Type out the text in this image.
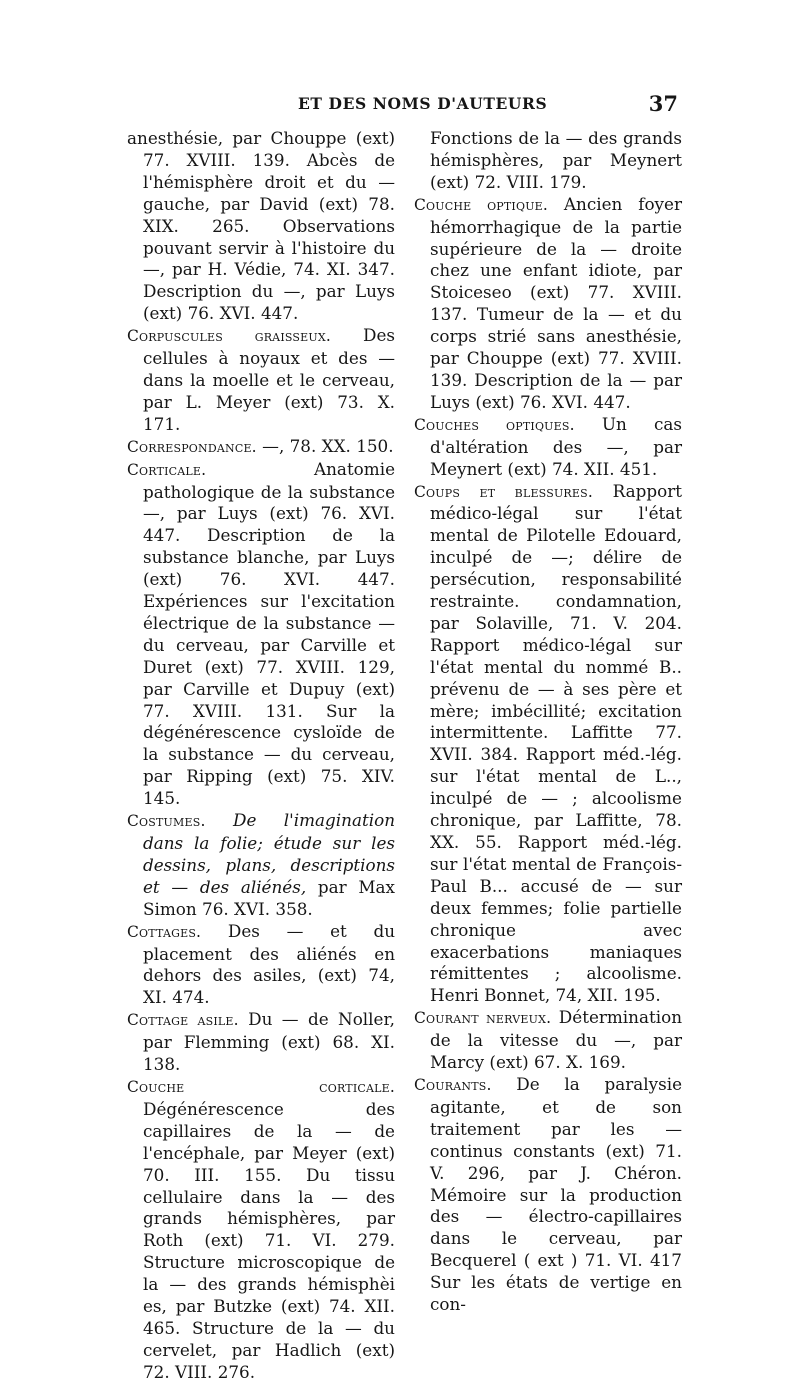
ET DES NOMS D'AUTEURS	37

anesthésie, par Chouppe (ext) 77. XVIII. 139. Abcès de l'hémisphère droit et du — gauche, par David (ext) 78. XIX. 265. Observations pouvant servir à l'histoire du —, par H. Védie, 74. XI. 347. Description du —, par Luys (ext) 76. XVI. 447.

Corpuscules graisseux. Des cellules à noyaux et des — dans la moelle et le cerveau, par L. Meyer (ext) 73. X. 171.

Correspondance. —, 78. XX. 150.

Corticale. Anatomie pathologique de la substance —, par Luys (ext) 76. XVI. 447. Description de la substance blanche, par Luys (ext) 76. XVI. 447. Expériences sur l'excitation électrique de la substance — du cerveau, par Carville et Duret (ext) 77. XVIII. 129, par Carville et Dupuy (ext) 77. XVIII. 131. Sur la dégénérescence cysloïde de la substance — du cerveau, par Ripping (ext) 75. XIV. 145.

Costumes. De l'imagination dans la folie; étude sur les dessins, plans, descriptions et — des aliénés, par Max Simon 76. XVI. 358.

Cottages. Des — et du placement des aliénés en dehors des asiles, (ext) 74, XI. 474.

Cottage asile. Du — de Noller, par Flemming (ext) 68. XI. 138.

Couche corticale. Dégénérescence des capillaires de la — de l'encéphale, par Meyer (ext) 70. III. 155. Du tissu cellulaire dans la — des grands hémisphères, par Roth (ext) 71. VI. 279. Structure microscopique de la — des grands hémisphèi es, par Butzke (ext) 74. XII. 465. Structure de la — du cervelet, par Hadlich (ext) 72. VIII. 276.

Fonctions de la — des grands hémisphères, par Meynert (ext) 72. VIII. 179.

Couche optique. Ancien foyer hémorrhagique de la partie supérieure de la — droite chez une enfant idiote, par Stoiceseo (ext) 77. XVIII. 137. Tumeur de la — et du corps strié sans anesthésie, par Chouppe (ext) 77. XVIII. 139. Description de la — par Luys (ext) 76. XVI. 447.

Couches optiques. Un cas d'altération des —, par Meynert (ext) 74. XII. 451.

Coups et blessures. Rapport médico-légal sur l'état mental de Pilotelle Edouard, inculpé de —; délire de persécution, responsabilité restrainte. condamnation, par Solaville, 71. V. 204. Rapport médico-légal sur l'état mental du nommé B.. prévenu de — à ses père et mère; imbécillité; excitation intermittente. Laffitte 77. XVII. 384. Rapport méd.-lég. sur l'état mental de L.., inculpé de — ; alcoolisme chronique, par Laffitte, 78. XX. 55. Rapport méd.-lég. sur l'état mental de François-Paul B... accusé de — sur deux femmes; folie partielle chronique avec exacerbations maniaques rémittentes ; alcoolisme. Henri Bonnet, 74, XII. 195.

Courant nerveux. Détermination de la vitesse du —, par Marcy (ext) 67. X. 169.

Courants. De la paralysie agitante, et de son traitement par les — continus constants (ext) 71. V. 296, par J. Chéron. Mémoire sur la production des — électro-capillaires dans le cerveau, par Becquerel ( ext ) 71. VI. 417 Sur les états de vertige en con-
